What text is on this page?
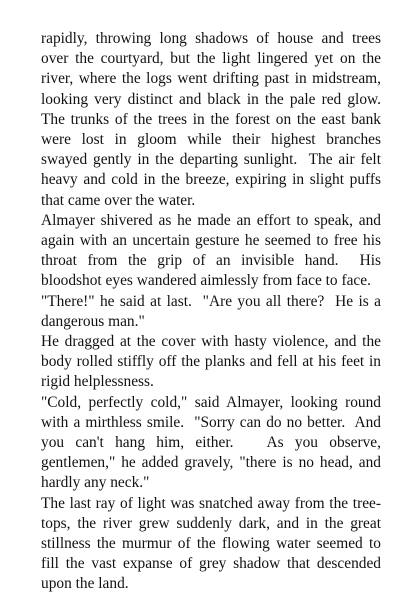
rapidly, throwing long shadows of house and trees over the courtyard, but the light lingered yet on the river, where the logs went drifting past in midstream, looking very distinct and black in the pale red glow. The trunks of the trees in the forest on the east bank were lost in gloom while their highest branches swayed gently in the departing sunlight.  The air felt heavy and cold in the breeze, expiring in slight puffs that came over the water.

Almayer shivered as he made an effort to speak, and again with an uncertain gesture he seemed to free his throat from the grip of an invisible hand.  His bloodshot eyes wandered aimlessly from face to face.

"There!" he said at last.  "Are you all there?  He is a dangerous man."

He dragged at the cover with hasty violence, and the body rolled stiffly off the planks and fell at his feet in rigid helplessness.

"Cold, perfectly cold," said Almayer, looking round with a mirthless smile.  "Sorry can do no better.  And you can't hang him, either.   As you observe, gentlemen," he added gravely, "there is no head, and hardly any neck."

The last ray of light was snatched away from the tree-tops, the river grew suddenly dark, and in the great stillness the murmur of the flowing water seemed to fill the vast expanse of grey shadow that descended upon the land.
